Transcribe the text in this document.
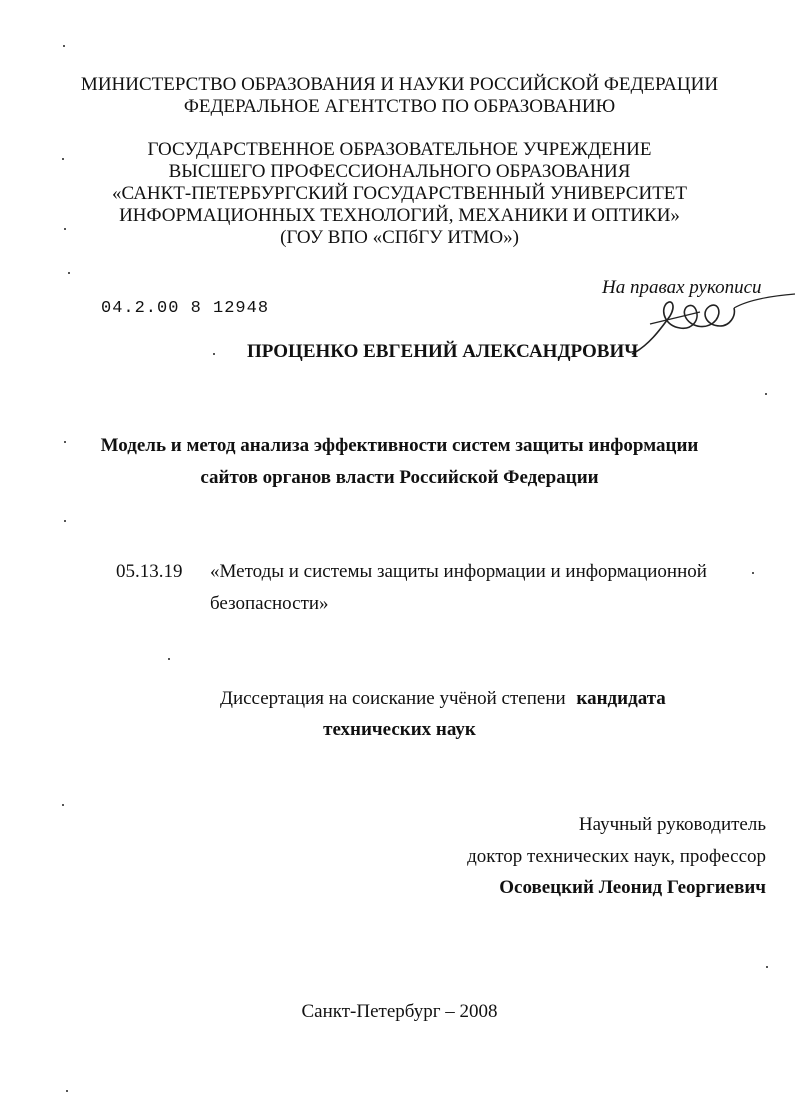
МИНИСТЕРСТВО ОБРАЗОВАНИЯ И НАУКИ РОССИЙСКОЙ ФЕДЕРАЦИИ
ФЕДЕРАЛЬНОЕ АГЕНТСТВО ПО ОБРАЗОВАНИЮ
ГОСУДАРСТВЕННОЕ ОБРАЗОВАТЕЛЬНОЕ УЧРЕЖДЕНИЕ
ВЫСШЕГО ПРОФЕССИОНАЛЬНОГО ОБРАЗОВАНИЯ
«САНКТ-ПЕТЕРБУРГСКИЙ ГОСУДАРСТВЕННЫЙ УНИВЕРСИТЕТ
ИНФОРМАЦИОННЫХ ТЕХНОЛОГИЙ, МЕХАНИКИ И ОПТИКИ»
(ГОУ ВПО «СПбГУ ИТМО»)
04.2.00 8 12948
На правах рукописи
ПРОЦЕНКО ЕВГЕНИЙ АЛЕКСАНДРОВИЧ
Модель и метод анализа эффективности систем защиты информации
сайтов органов власти Российской Федерации
05.13.19 «Методы и системы защиты информации и информационной
безопасности»
Диссертация на соискание учёной степени кандидата
технических наук
Научный руководитель
доктор технических наук, профессор
Осовецкий Леонид Георгиевич
Санкт-Петербург – 2008
